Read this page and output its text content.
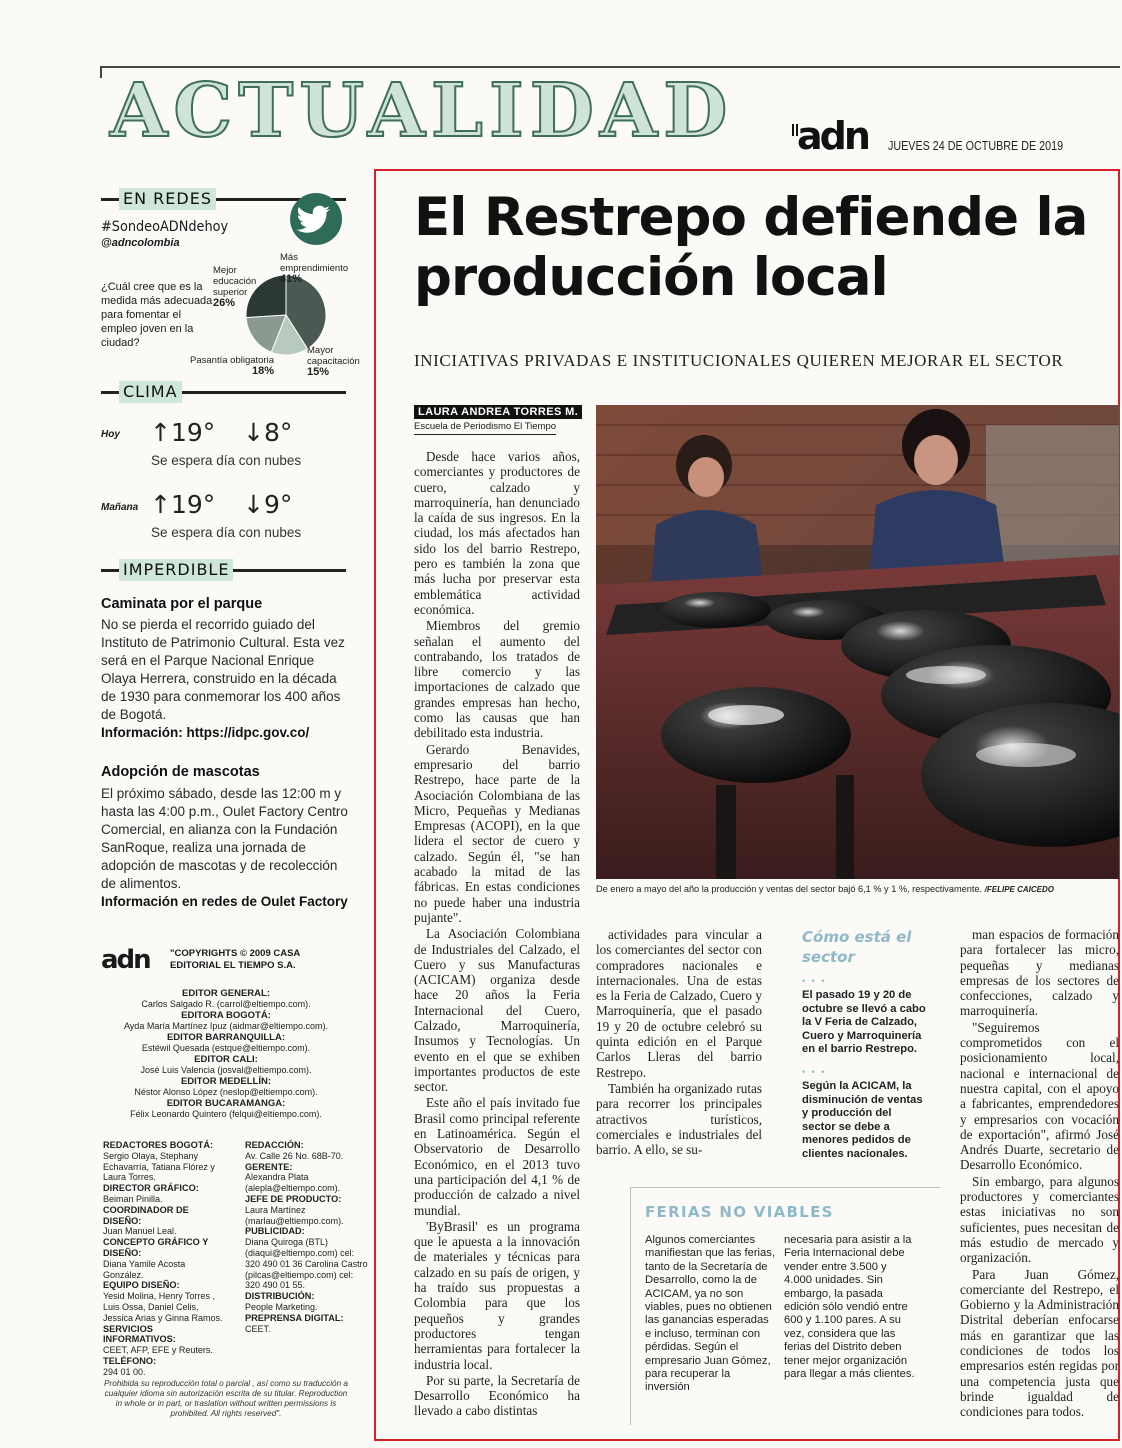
ACTUALIDAD adn JUEVES 24 DE OCTUBRE DE 2019
EN REDES
#SondeoADNdehoy
@adncolombia
¿Cuál cree que es la medida más adecuada para fomentar el empleo joven en la ciudad?
Más emprendimiento
41%
Mayor capacitación
15%
Pasantía obligatoria
18%
Mejor educación superior
26%
CLIMA
Hoy ↑19° ↓8°
Se espera día con nubes
Mañana ↑19° ↓9°
Se espera día con nubes
IMPERDIBLE
Caminata por el parque
No se pierda el recorrido guiado del Instituto de Patrimonio Cultural. Esta vez será en el Parque Nacional Enrique Olaya Herrera, construido en la década de 1930 para conmemorar los 400 años de Bogotá.
Información: https://idpc.gov.co/
Adopción de mascotas
El próximo sábado, desde las 12:00 m y hasta las 4:00 p.m., Oulet Factory Centro Comercial, en alianza con la Fundación SanRoque, realiza una jornada de adopción de mascotas y de recolección de alimentos.
Información en redes de Oulet Factory
adn "COPYRIGHTS © 2009 CASA EDITORIAL EL TIEMPO S.A.
EDITOR GENERAL:
Carlos Salgado R. (carrol@eltiempo.com).
EDITORA BOGOTÁ:
Ayda María Martínez Ipuz (aidmar@eltiempo.com).
EDITOR BARRANQUILLA:
Estéwil Quesada (estque@eltiempo.com).
EDITOR CALI:
José Luis Valencia (josval@eltiempo.com).
EDITOR MEDELLÍN:
Néstor Alonso López (neslop@eltiempo.com).
EDITOR BUCARAMANGA:
Félix Leonardo Quintero (felqui@eltiempo.com).
REDACTORES BOGOTÁ:
Sergio Olaya, Stephany Echavarría, Tatiana Flórez y Laura Torres.
DIRECTOR GRÁFICO:
Beiman Pinilla.
COORDINADOR DE DISEÑO:
Juan Manuel Leal.
CONCEPTO GRÁFICO Y DISEÑO:
Diana Yamile Acosta González.
EQUIPO DISEÑO:
Yesid Molina, Henry Torres , Luis Ossa, Daniel Celis, Jessica Arias y Ginna Ramos.
SERVICIOS INFORMATIVOS:
CEET, AFP, EFE y Reuters.
TELÉFONO:
294 01 00.
REDACCIÓN:
Av. Calle 26 No. 68B-70.
GERENTE:
Alexandra Plata (alepla@eltiempo.com).
JEFE DE PRODUCTO:
Laura Martínez (marlau@eltiempo.com).
PUBLICIDAD:
Diana Quiroga (BTL) (diaqui@eltiempo.com) cel: 320 490 01 36 Carolina Castro (pilcas@eltiempo.com) cel: 320 490 01 55.
DISTRIBUCIÓN:
People Marketing.
PREPRENSA DIGITAL:
CEET.
Prohibida su reproducción total o parcial , así como su traducción a cualquier idioma sin autorización escrita de su titular. Reproduction in whole or in part, or traslation without written permissions is prohibited. All rights reserved".
El Restrepo defiende la producción local
INICIATIVAS PRIVADAS E INSTITUCIONALES QUIEREN MEJORAR EL SECTOR
LAURA ANDREA TORRES M.
Escuela de Periodismo El Tiempo
De enero a mayo del año la producción y ventas del sector bajó 6,1 % y 1 %, respectivamente. /FELIPE CAICEDO

Desde hace varios años, comerciantes y productores de cuero, calzado y marroquinería, han denunciado la caída de sus ingresos. En la ciudad, los más afectados han sido los del barrio Restrepo, pero es también la zona que más lucha por preservar esta emblemática actividad económica.

Miembros del gremio señalan el aumento del contrabando, los tratados de libre comercio y las importaciones de calzado que grandes empresas han hecho, como las causas que han debilitado esta industria.

Gerardo Benavides, empresario del barrio Restrepo, hace parte de la Asociación Colombiana de las Micro, Pequeñas y Medianas Empresas (ACOPI), en la que lidera el sector de cuero y calzado. Según él, "se han acabado la mitad de las fábricas. En estas condiciones no puede haber una industria pujante".

La Asociación Colombiana de Industriales del Calzado, el Cuero y sus Manufacturas (ACICAM) organiza desde hace 20 años la Feria Internacional del Cuero, Calzado, Marroquinería, Insumos y Tecnologías. Un evento en el que se exhiben importantes productos de este sector.

Este año el país invitado fue Brasil como principal referente en Latinoamérica. Según el Observatorio de Desarrollo Económico, en el 2013 tuvo una participación del 4,1 % de producción de calzado a nivel mundial.

'ByBrasil' es un programa que le apuesta a la innovación de materiales y técnicas para calzado en su país de origen, y ha traído sus propuestas a Colombia para que los pequeños y grandes productores tengan herramientas para fortalecer la industria local.

Por su parte, la Secretaría de Desarrollo Económico ha llevado a cabo distintas

actividades para vincular a los comerciantes del sector con compradores nacionales e internacionales. Una de estas es la Feria de Calzado, Cuero y Marroquinería, que el pasado 19 y 20 de octubre celebró su quinta edición en el Parque Carlos Lleras del barrio Restrepo.

También ha organizado rutas para recorrer los principales atractivos turísticos, comerciales e industriales del barrio. A ello, se su-

Cómo está el sector
• • •
El pasado 19 y 20 de octubre se llevó a cabo la V Feria de Calzado, Cuero y Marroquinería en el barrio Restrepo.
• • •
Según la ACICAM, la disminución de ventas y producción del sector se debe a menores pedidos de clientes nacionales.

man espacios de formación para fortalecer las micro, pequeñas y medianas empresas de los sectores de confecciones, calzado y marroquinería.

"Seguiremos comprometidos con el posicionamiento local, nacional e internacional de nuestra capital, con el apoyo a fabricantes, emprendedores y empresarios con vocación de exportación", afirmó José Andrés Duarte, secretario de Desarrollo Económico.

Sin embargo, para algunos productores y comerciantes estas iniciativas no son suficientes, pues necesitan de más estudio de mercado y organización.

Para Juan Gómez, comerciante del Restrepo, el Gobierno y la Administración Distrital deberían enfocarse más en garantizar que las condiciones de todos los empresarios estén regidas por una competencia justa que brinde igualdad de condiciones para todos.

FERIAS NO VIABLES
Algunos comerciantes manifiestan que las ferias, tanto de la Secretaría de Desarrollo, como la de ACICAM, ya no son viables, pues no obtienen las ganancias esperadas e incluso, terminan con pérdidas. Según el empresario Juan Gómez, para recuperar la inversión
necesaria para asistir a la Feria Internacional debe vender entre 3.500 y 4.000 unidades. Sin embargo, la pasada edición sólo vendió entre 600 y 1.100 pares. A su vez, considera que las ferias del Distrito deben tener mejor organización para llegar a más clientes.
